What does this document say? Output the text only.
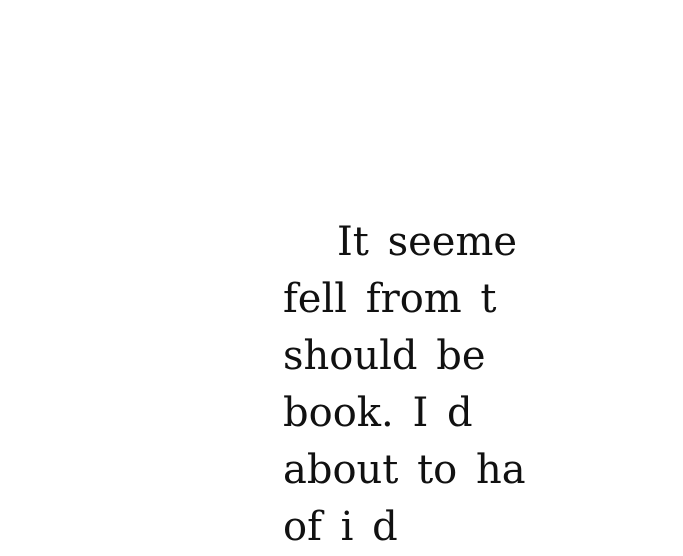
It seeme
fell from t
should be
book. I d
about to ha
of i d
